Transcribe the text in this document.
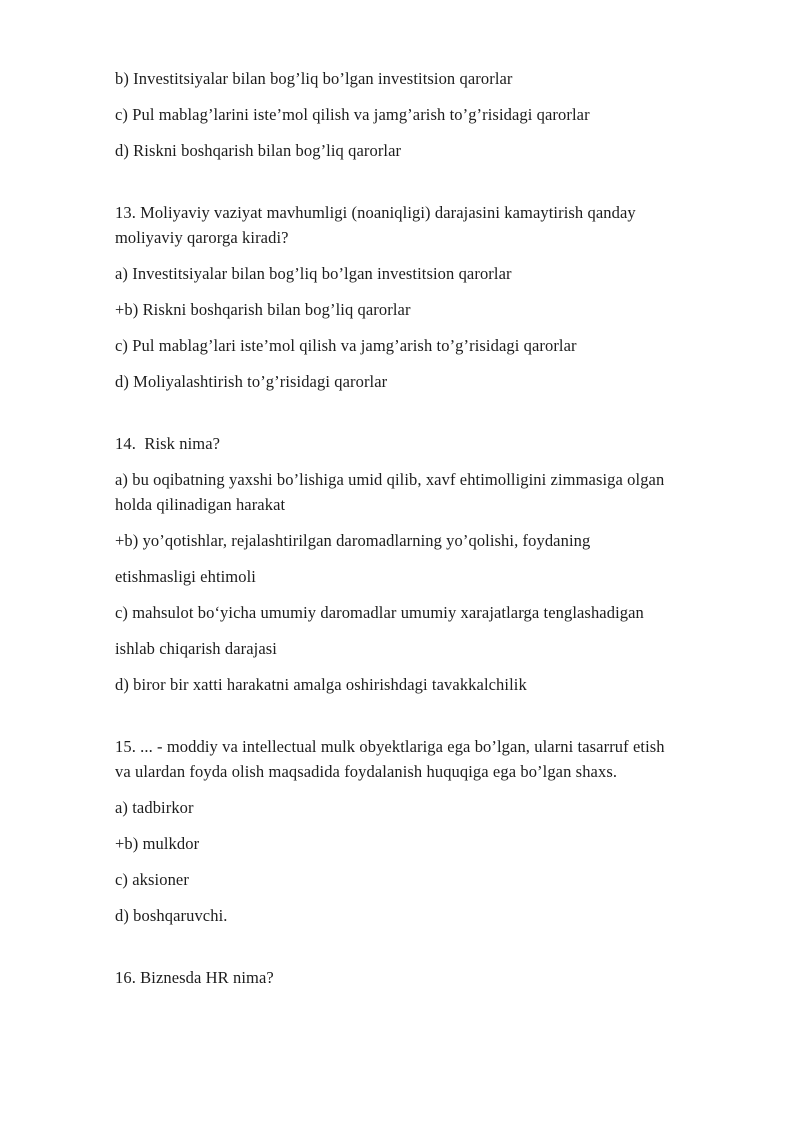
b) Investitsiyalar bilan bog’liq bo’lgan investitsion qarorlar
c) Pul mablag’larini iste’mol qilish va jamg’arish to’g’risidagi qarorlar
d) Riskni boshqarish bilan bog’liq qarorlar
13. Moliyaviy vaziyat mavhumligi (noaniqligi) darajasini kamaytirish qanday
moliyaviy qarorga kiradi?
a) Investitsiyalar bilan bog’liq bo’lgan investitsion qarorlar
+b) Riskni boshqarish bilan bog’liq qarorlar
c) Pul mablag’lari iste’mol qilish va jamg’arish to’g’risidagi qarorlar
d) Moliyalashtirish to’g’risidagi qarorlar
14.  Risk nima?
a) bu oqibatning yaxshi bo’lishiga umid qilib, xavf ehtimolligini zimmasiga olgan
holda qilinadigan harakat
+b) yo’qotishlar, rejalashtirilgan daromadlarning yo’qolishi, foydaning
etishmasligi ehtimoli
c) mahsulot bo‘yicha umumiy daromadlar umumiy xarajatlarga tenglashadigan
ishlab chiqarish darajasi
d) biror bir xatti harakatni amalga oshirishdagi tavakkalchilik
15. ... - moddiy va intellectual mulk obyektlariga ega bo’lgan, ularni tasarruf etish
va ulardan foyda olish maqsadida foydalanish huquqiga ega bo’lgan shaxs.
a) tadbirkor
+b) mulkdor
c) aksioner
d) boshqaruvchi.
16. Biznesda HR nima?
